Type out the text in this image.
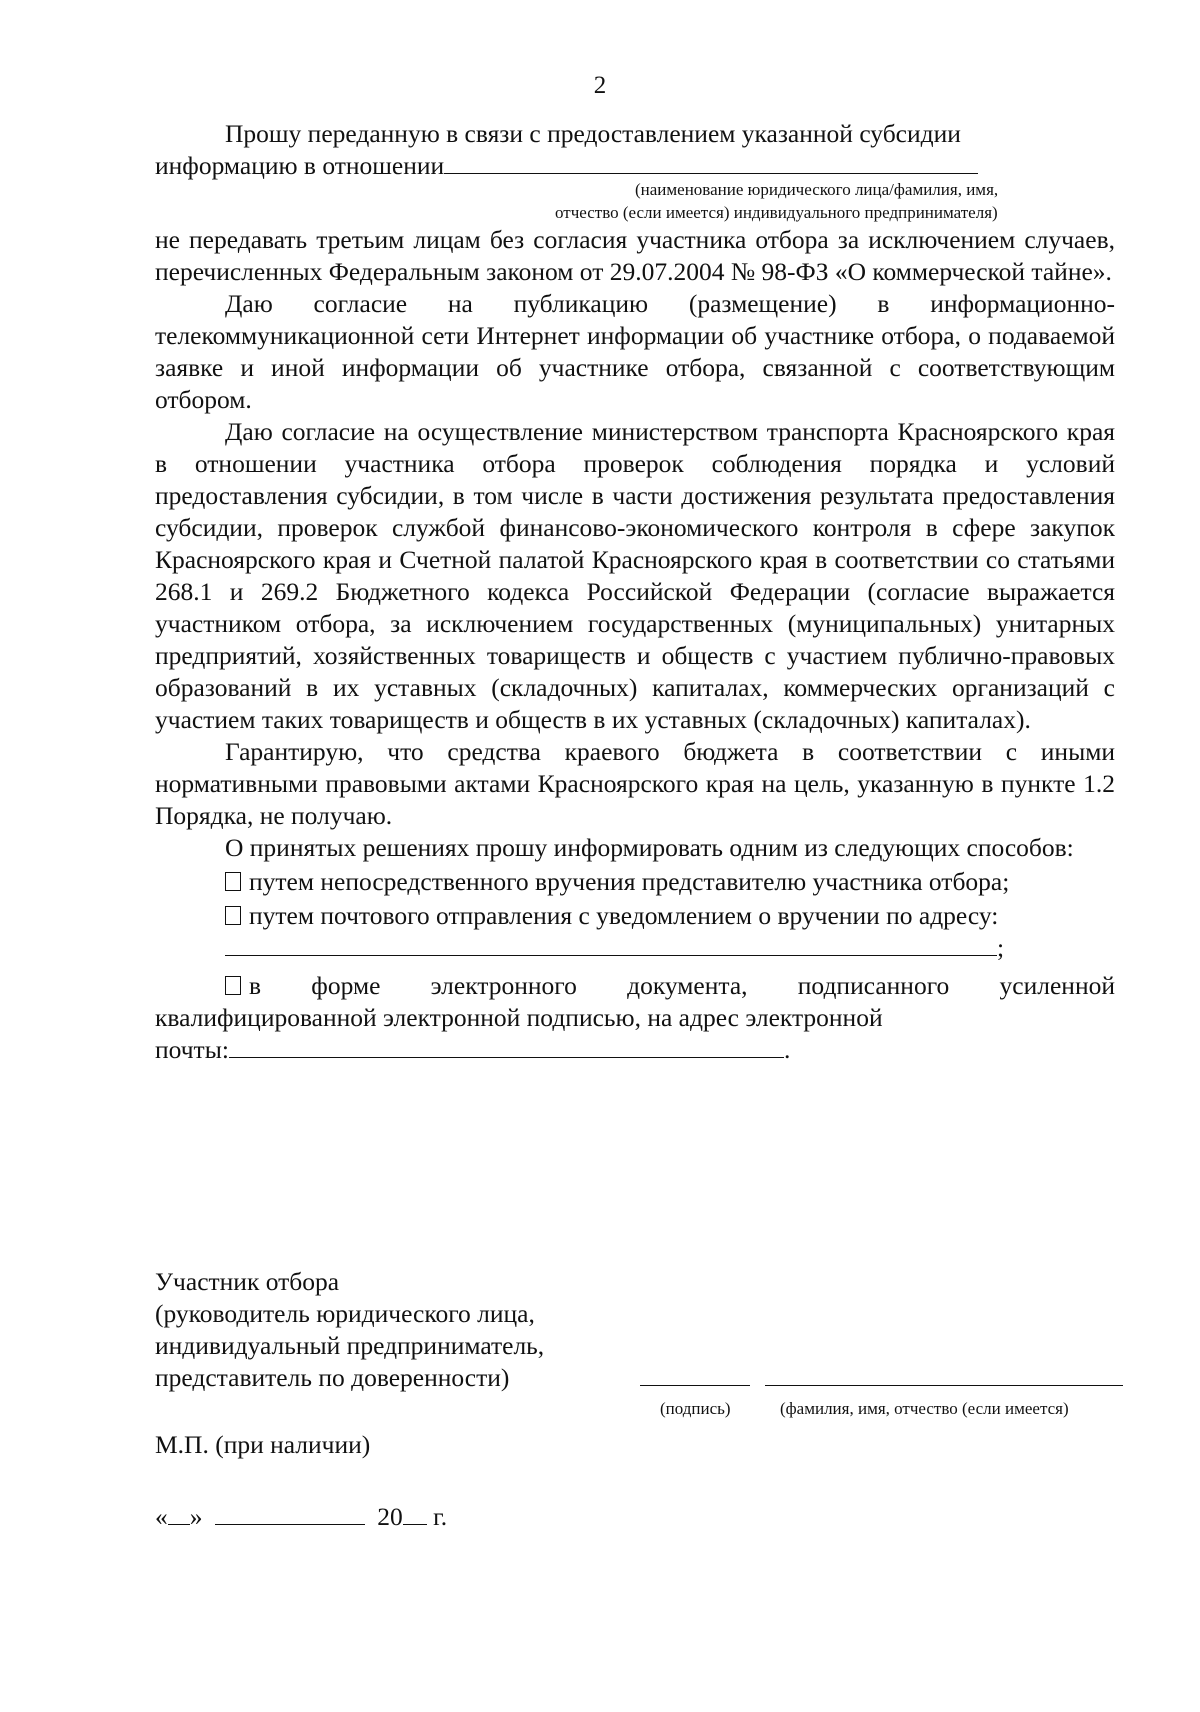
2

Прошу переданную в связи с предоставлением указанной субсидии

информацию в отношении

(наименование юридического лица/фамилия, имя,
отчество (если имеется) индивидуального предпринимателя)

не передавать третьим лицам без согласия участника отбора за исключением случаев, перечисленных Федеральным законом от 29.07.2004 № 98-ФЗ «О коммерческой тайне».

Даю согласие на публикацию (размещение) в информационно-телекоммуникационной сети Интернет информации об участнике отбора, о подаваемой заявке и иной информации об участнике отбора, связанной с соответствующим отбором.

Даю согласие на осуществление министерством транспорта Красноярского края в отношении участника отбора проверок соблюдения порядка и условий предоставления субсидии, в том числе в части достижения результата предоставления субсидии, проверок службой финансово-экономического контроля в сфере закупок Красноярского края и Счетной палатой Красноярского края в соответствии со статьями 268.1 и 269.2 Бюджетного кодекса Российской Федерации (согласие выражается участником отбора, за исключением государственных (муниципальных) унитарных предприятий, хозяйственных товариществ и обществ с участием публично-правовых образований в их уставных (складочных) капиталах, коммерческих организаций с участием таких товариществ и обществ в их уставных (складочных) капиталах).

Гарантирую, что средства краевого бюджета в соответствии с иными нормативными правовыми актами Красноярского края на цель, указанную в пункте 1.2 Порядка, не получаю.

О принятых решениях прошу информировать одним из следующих способов:

путем непосредственного вручения представителю участника отбора;

путем почтового отправления с уведомлением о вручении по адресу:

;

в форме электронного документа, подписанного усиленной квалифицированной электронной подписью, на адрес электронной

почты:	.

Участник отбора
(руководитель юридического лица,
индивидуальный предприниматель,
представитель по доверенности)
(подпись)	(фамилия, имя, отчество (если имеется)
М.П. (при наличии)
« »	20 г.
